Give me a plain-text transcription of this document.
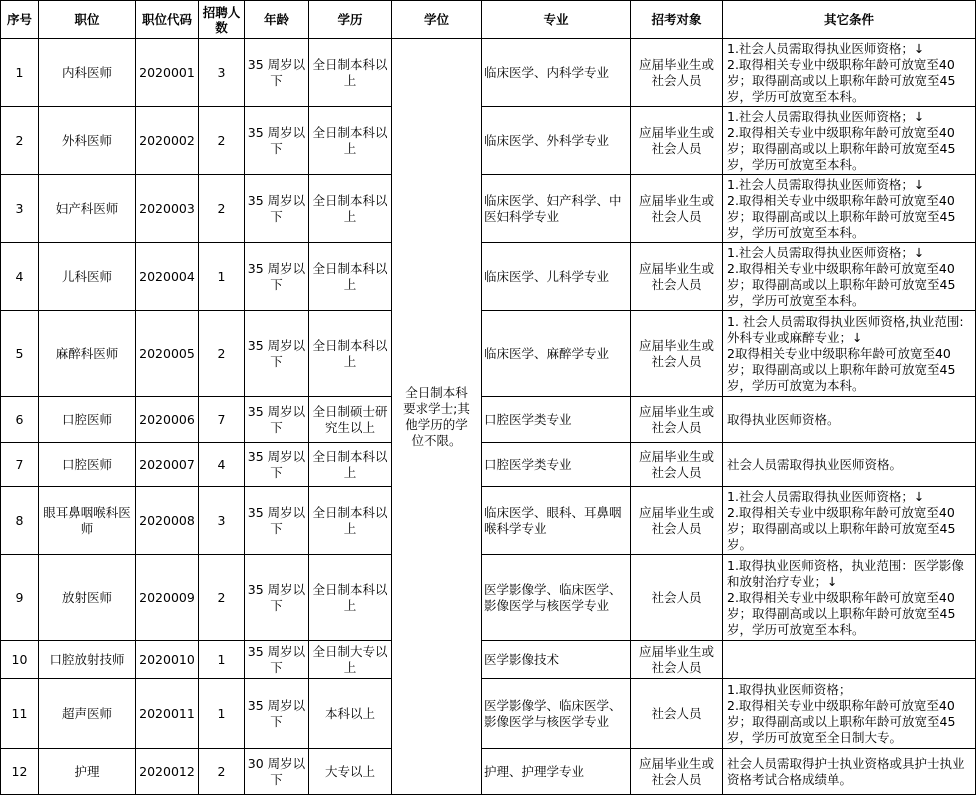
序号	职位	职位代码	招聘人数	年龄	学历	学位	专业	招考对象	其它条件
1	内科医师	2020001	3	35 周岁以下	全日制本科以上	全日制本科要求学士;其他学历的学位不限。	临床医学、内科学专业	应届毕业生或社会人员	1.社会人员需取得执业医师资格；↓
2.取得相关专业中级职称年龄可放宽至40岁；取得副高或以上职称年龄可放宽至45岁，学历可放宽至本科。

2	外科医师	2020002	2	35 周岁以下	全日制本科以上		临床医学、外科学专业	应届毕业生或社会人员	1.社会人员需取得执业医师资格；↓
2.取得相关专业中级职称年龄可放宽至40岁；取得副高或以上职称年龄可放宽至45岁，学历可放宽至本科。

3	妇产科医师	2020003	2	35 周岁以下	全日制本科以上		临床医学、妇产科学、中医妇科学专业	应届毕业生或社会人员	1.社会人员需取得执业医师资格；↓
2.取得相关专业中级职称年龄可放宽至40岁；取得副高或以上职称年龄可放宽至45岁，学历可放宽至本科。

4	儿科医师	2020004	1	35 周岁以下	全日制本科以上		临床医学、儿科学专业	应届毕业生或社会人员	1.社会人员需取得执业医师资格；↓
2.取得相关专业中级职称年龄可放宽至40岁；取得副高或以上职称年龄可放宽至45岁，学历可放宽至本科。

5	麻醉科医师	2020005	2	35 周岁以下	全日制本科以上		临床医学、麻醉学专业	应届毕业生或社会人员	1. 社会人员需取得执业医师资格,执业范围: 外科专业或麻醉专业；↓
2取得相关专业中级职称年龄可放宽至40岁；取得副高或以上职称年龄可放宽至45岁，学历可放宽为本科。

6	口腔医师	2020006	7	35 周岁以下	全日制硕士研究生以上		口腔医学类专业	应届毕业生或社会人员	取得执业医师资格。

7	口腔医师	2020007	4	35 周岁以下	全日制本科以上		口腔医学类专业	应届毕业生或社会人员	社会人员需取得执业医师资格。

8	眼耳鼻咽喉科医师	2020008	3	35 周岁以下	全日制本科以上		临床医学、眼科、耳鼻咽喉科学专业	应届毕业生或社会人员	1.社会人员需取得执业医师资格；↓
2.取得相关专业中级职称年龄可放宽至40岁；取得副高或以上职称年龄可放宽至45岁。

9	放射医师	2020009	2	35 周岁以下	全日制本科以上		医学影像学、临床医学、影像医学与核医学专业	社会人员	1.取得执业医师资格，执业范围：医学影像和放射治疗专业；↓
2.取得相关专业中级职称年龄可放宽至40岁；取得副高或以上职称年龄可放宽至45岁，学历可放宽至本科。

10	口腔放射技师	2020010	1	35 周岁以下	全日制大专以上		医学影像技术	应届毕业生或社会人员	

11	超声医师	2020011	1	35 周岁以下	本科以上		医学影像学、临床医学、影像医学与核医学专业	社会人员	1.取得执业医师资格；
2.取得相关专业中级职称年龄可放宽至40岁；取得副高或以上职称年龄可放宽至45岁，学历可放宽至全日制大专。

12	护理	2020012	2	30 周岁以下	大专以上		护理、护理学专业	应届毕业生或社会人员	社会人员需取得护士执业资格或具护士执业资格考试合格成绩单。
